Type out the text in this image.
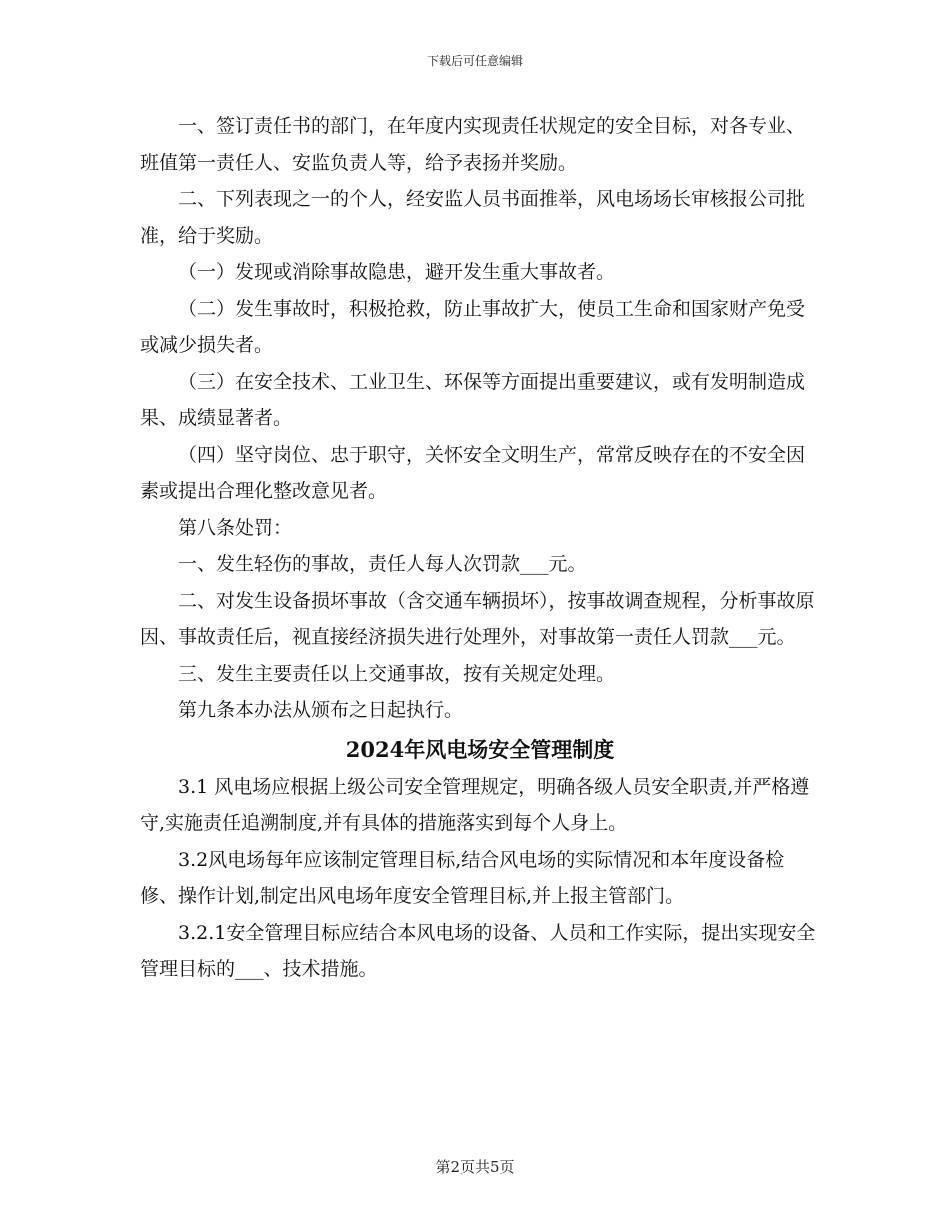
下载后可任意编辑

一、签订责任书的部门，在年度内实现责任状规定的安全目标，对各专业、班值第一责任人、安监负责人等，给予表扬并奖励。

二、下列表现之一的个人，经安监人员书面推举，风电场场长审核报公司批准，给于奖励。

（一）发现或消除事故隐患，避开发生重大事故者。

（二）发生事故时，积极抢救，防止事故扩大，使员工生命和国家财产免受或减少损失者。

（三）在安全技术、工业卫生、环保等方面提出重要建议，或有发明制造成果、成绩显著者。

（四）坚守岗位、忠于职守，关怀安全文明生产，常常反映存在的不安全因素或提出合理化整改意见者。

第八条处罚：

一、发生轻伤的事故，责任人每人次罚款___元。

二、对发生设备损坏事故（含交通车辆损坏），按事故调查规程，分析事故原因、事故责任后，视直接经济损失进行处理外，对事故第一责任人罚款___元。

三、发生主要责任以上交通事故，按有关规定处理。

第九条本办法从颁布之日起执行。

2024年风电场安全管理制度

3.1 风电场应根据上级公司安全管理规定，明确各级人员安全职责,并严格遵守,实施责任追溯制度,并有具体的措施落实到每个人身上。

3.2风电场每年应该制定管理目标,结合风电场的实际情况和本年度设备检修、操作计划,制定出风电场年度安全管理目标,并上报主管部门。

3.2.1安全管理目标应结合本风电场的设备、人员和工作实际，提出实现安全管理目标的___、技术措施。

第2页共5页
